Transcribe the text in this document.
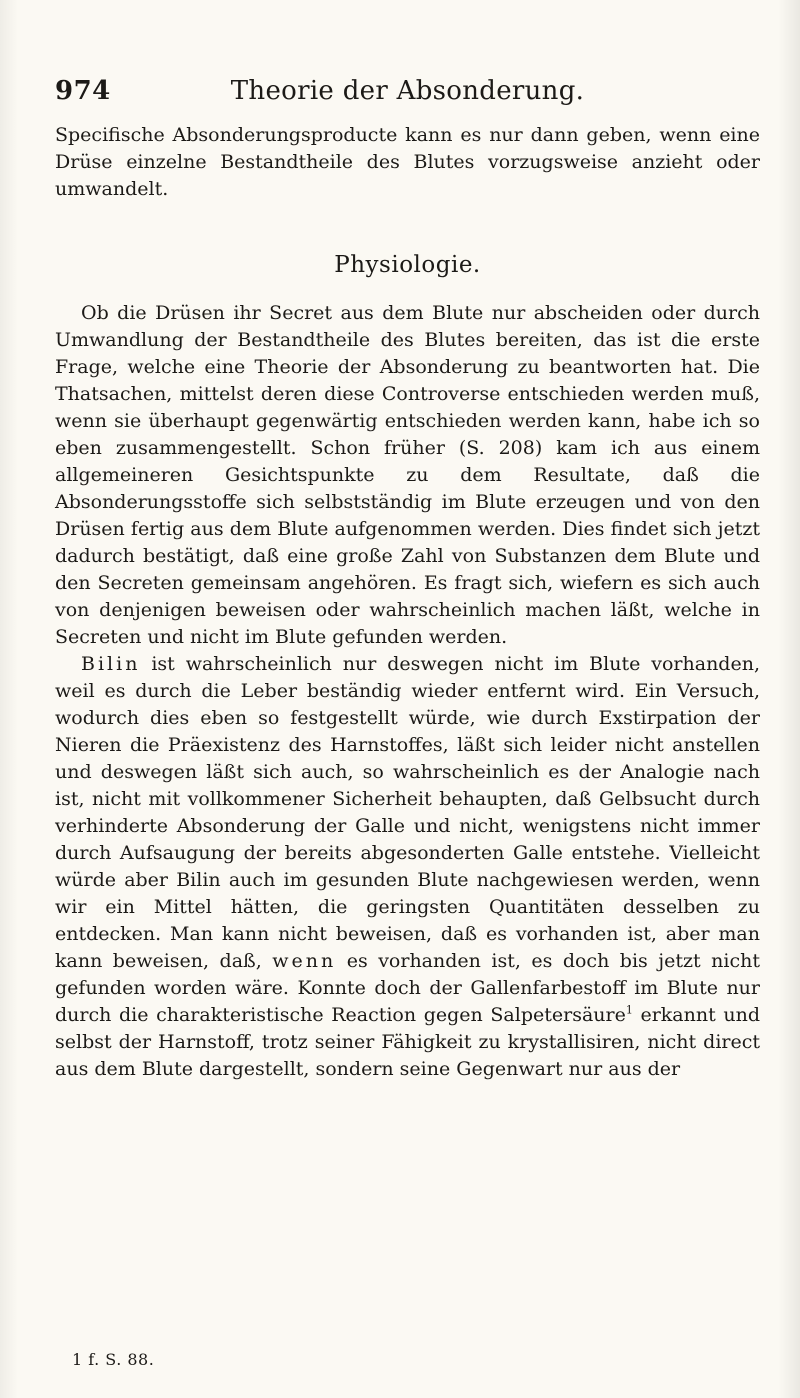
974	Theorie der Absonderung.
Specifische Absonderungsproducte kann es nur dann geben, wenn eine Drüse einzelne Bestandtheile des Blutes vorzugsweise anzieht oder umwandelt.
Physiologie.

Ob die Drüsen ihr Secret aus dem Blute nur abscheiden oder durch Umwandlung der Bestandtheile des Blutes bereiten, das ist die erste Frage, welche eine Theorie der Absonderung zu beantworten hat. Die Thatsachen, mittelst deren diese Controverse entschieden werden muß, wenn sie überhaupt gegenwärtig entschieden werden kann, habe ich so eben zusammengestellt. Schon früher (S. 208) kam ich aus einem allgemeineren Gesichtspunkte zu dem Resultate, daß die Absonderungsstoffe sich selbstständig im Blute erzeugen und von den Drüsen fertig aus dem Blute aufgenommen werden. Dies findet sich jetzt dadurch bestätigt, daß eine große Zahl von Substanzen dem Blute und den Secreten gemeinsam angehören. Es fragt sich, wiefern es sich auch von denjenigen beweisen oder wahrscheinlich machen läßt, welche in Secreten und nicht im Blute gefunden werden.

Bilin ist wahrscheinlich nur deswegen nicht im Blute vorhanden, weil es durch die Leber beständig wieder entfernt wird. Ein Versuch, wodurch dies eben so festgestellt würde, wie durch Exstirpation der Nieren die Präexistenz des Harnstoffes, läßt sich leider nicht anstellen und deswegen läßt sich auch, so wahrscheinlich es der Analogie nach ist, nicht mit vollkommener Sicherheit behaupten, daß Gelbsucht durch verhinderte Absonderung der Galle und nicht, wenigstens nicht immer durch Aufsaugung der bereits abgesonderten Galle entstehe. Vielleicht würde aber Bilin auch im gesunden Blute nachgewiesen werden, wenn wir ein Mittel hätten, die geringsten Quantitäten desselben zu entdecken. Man kann nicht beweisen, daß es vorhanden ist, aber man kann beweisen, daß, wenn es vorhanden ist, es doch bis jetzt nicht gefunden worden wäre. Konnte doch der Gallenfarbestoff im Blute nur durch die charakteristische Reaction gegen Salpetersäure$^1$ erkannt und selbst der Harnstoff, trotz seiner Fähigkeit zu krystallisiren, nicht direct aus dem Blute dargestellt, sondern seine Gegenwart nur aus der

1 f. S. 88.
